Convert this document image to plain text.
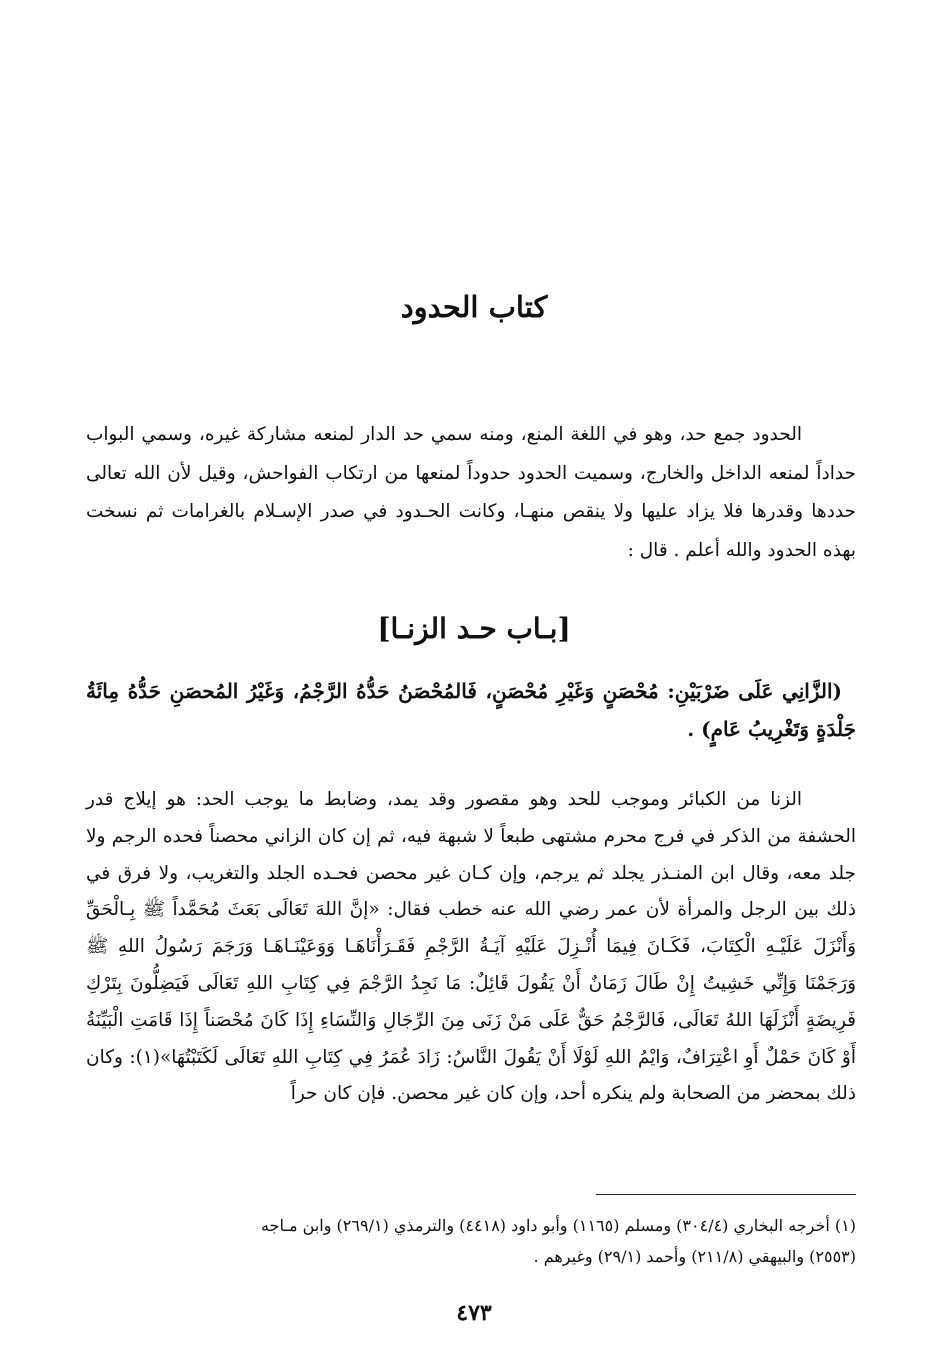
كتاب الحدود

الحدود جمع حد، وهو في اللغة المنع، ومنه سمي حد الدار لمنعه مشاركة غيره، وسمي البواب حداداً لمنعه الداخل والخارج، وسميت الحدود حدوداً لمنعها من ارتكاب الفواحش، وقيل لأن الله تعالى حددها وقدرها فلا يزاد عليها ولا ينقص منهـا، وكانت الحـدود في صدر الإسـلام بالغرامات ثم نسخت بهذه الحدود والله أعلم . قال :

[بـاب حـد الزنـا]

(الزَّانِي عَلَى ضَرْبَيْنِ: مُحْصَنٍ وَغَيْرِ مُحْصَنٍ، فَالمُحْصَنُ حَدُّهُ الرَّجْمُ، وَغَيْرُ المُحصَنِ حَدُّهُ مِائَةُ جَلْدَةٍ وَتَغْرِيبُ عَامٍ) .

الزنا من الكبائر وموجب للحد وهو مقصور وقد يمد، وضابط ما يوجب الحد: هو إيلاج قدر الحشفة من الذكر في فرج محرم مشتهى طبعاً لا شبهة فيه، ثم إن كان الزاني محصناً فحده الرجم ولا جلد معه، وقال ابن المنـذر يجلد ثم يرجم، وإن كـان غير محصن فحـده الجلد والتغريب، ولا فرق في ذلك بين الرجل والمرأة لأن عمر رضي الله عنه خطب فقال: «إنَّ اللهَ تَعَالَى بَعَثَ مُحَمَّداً ﷺ بِـالْحَقِّ وَأَنْزَلَ عَلَيْـهِ الْكِتَابَ، فَكَـانَ فِيمَا أُنْـزِلَ عَلَيْهِ آيَـةُ الرَّجْمِ فَقَـرَأْنَاهَـا وَوَعَيْنَـاهَـا وَرَجَمَ رَسُولُ اللهِ ﷺ وَرَجَمْنَا وَإِنِّي خَشِيتُ إِنْ طَالَ زَمَانٌ أَنْ يَقُولَ قَائِلٌ: مَا نَجِدُ الرَّجْمَ فِي كِتَابِ اللهِ تَعَالَى فَيَضِلُّونَ بِتَرْكِ فَرِيضَةٍ أَنْزَلَهَا اللهُ تَعَالَى، فَالرَّجْمُ حَقٌّ عَلَى مَنْ زَنَى مِنَ الرِّجَالِ وَالنِّسَاءِ إِذَا كَانَ مُحْصَناً إِذَا قَامَتِ الْبَيِّنَةُ أَوْ كَانَ حَمْلٌ أَوِ اعْتِرَافٌ، وَايْمُ اللهِ لَوْلَا أَنْ يَقُولَ النَّاسُ: زَادَ عُمَرُ فِي كِتَابِ اللهِ تَعَالَى لَكَتَبْتُهَا»(١): وكان ذلك بمحضر من الصحابة ولم ينكره أحد، وإن كان غير محصن. فإن كان حراً

(١) أخرجه البخاري (٣٠٤/٤) ومسلم (١١٦٥) وأبو داود (٤٤١٨) والترمذي (٢٦٩/١) وابن مـاجه

(٢٥٥٣) والبيهقي (٢١١/٨) وأحمد (٢٩/١) وغيرهم .

٤٧٣
